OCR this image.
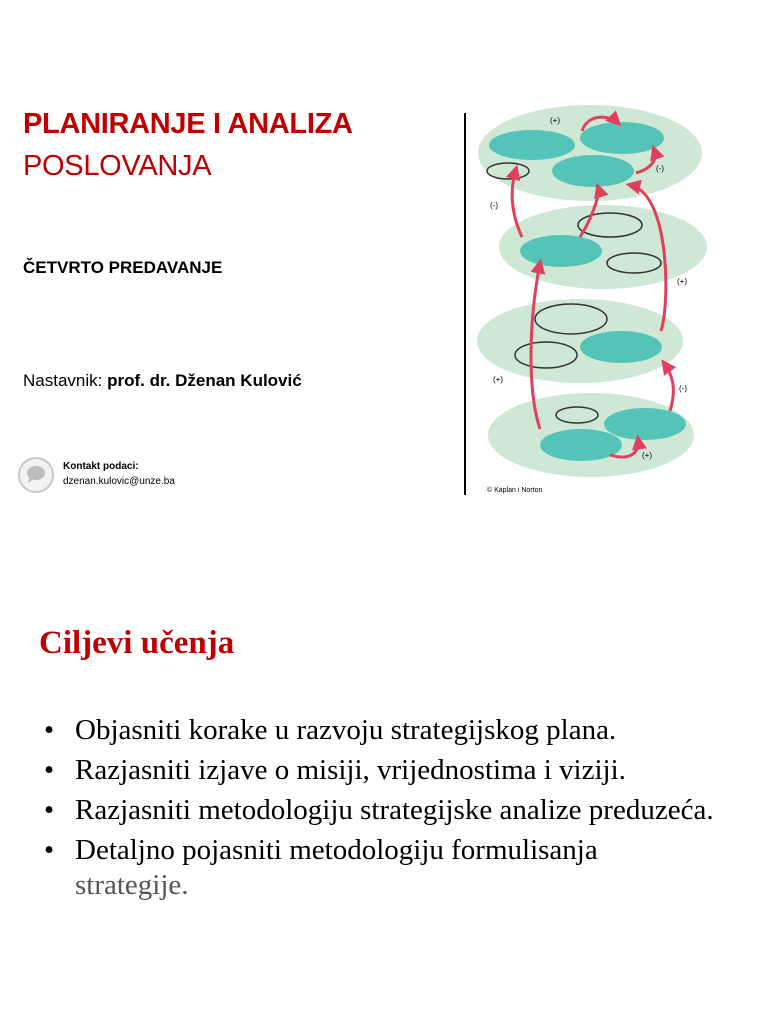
PLANIRANJE I ANALIZA
POSLOVANJA
ČETVRTO PREDAVANJE
Nastavnik: prof. dr. Dženan Kulović
Kontakt podaci:
dzenan.kulovic@unze.ba
(+)
(-)
(-)
(+)
(+)
(-)
(+)
© Kaplan i Norton
Ciljevi učenja
• Objasniti korake u razvoju strategijskog plana.
• Razjasniti izjave o misiji, vrijednostima i viziji.
• Razjasniti metodologiju strategijske analize preduzeća.
• Detaljno pojasniti metodologiju formulisanja
strategije.
